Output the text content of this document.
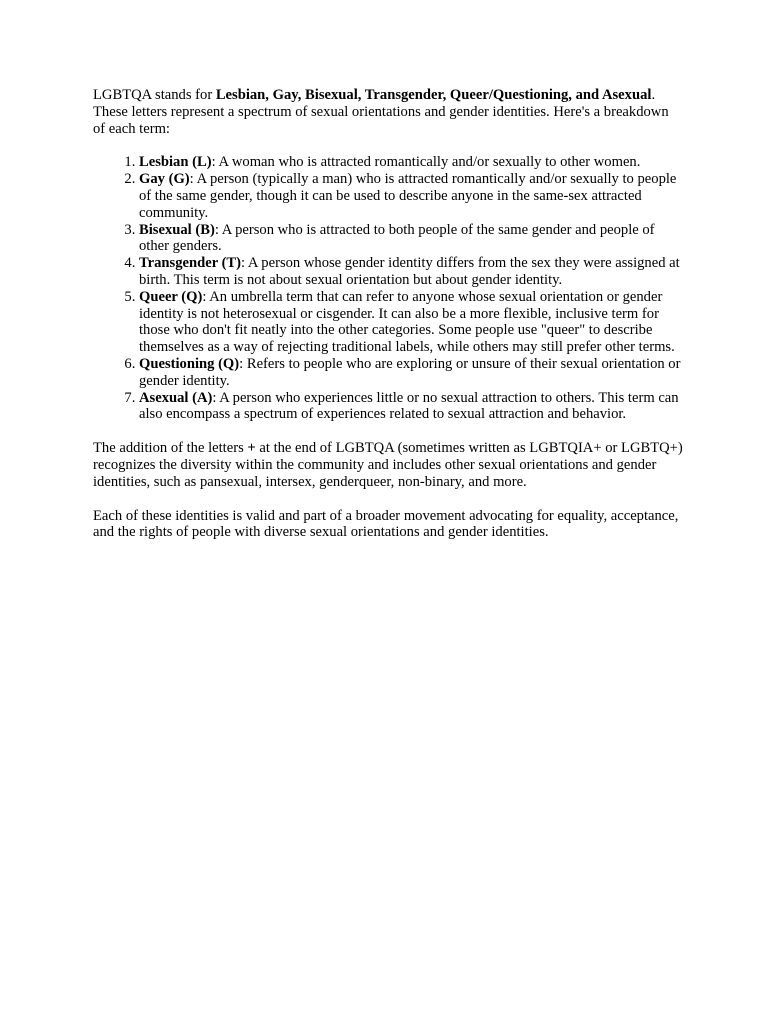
LGBTQA stands for Lesbian, Gay, Bisexual, Transgender, Queer/Questioning, and Asexual. These letters represent a spectrum of sexual orientations and gender identities. Here's a breakdown of each term:

1. Lesbian (L): A woman who is attracted romantically and/or sexually to other women.
2. Gay (G): A person (typically a man) who is attracted romantically and/or sexually to people of the same gender, though it can be used to describe anyone in the same-sex attracted community.
3. Bisexual (B): A person who is attracted to both people of the same gender and people of other genders.
4. Transgender (T): A person whose gender identity differs from the sex they were assigned at birth. This term is not about sexual orientation but about gender identity.
5. Queer (Q): An umbrella term that can refer to anyone whose sexual orientation or gender identity is not heterosexual or cisgender. It can also be a more flexible, inclusive term for those who don't fit neatly into the other categories. Some people use "queer" to describe themselves as a way of rejecting traditional labels, while others may still prefer other terms.
6. Questioning (Q): Refers to people who are exploring or unsure of their sexual orientation or gender identity.
7. Asexual (A): A person who experiences little or no sexual attraction to others. This term can also encompass a spectrum of experiences related to sexual attraction and behavior.

The addition of the letters + at the end of LGBTQA (sometimes written as LGBTQIA+ or LGBTQ+) recognizes the diversity within the community and includes other sexual orientations and gender identities, such as pansexual, intersex, genderqueer, non-binary, and more.

Each of these identities is valid and part of a broader movement advocating for equality, acceptance, and the rights of people with diverse sexual orientations and gender identities.
